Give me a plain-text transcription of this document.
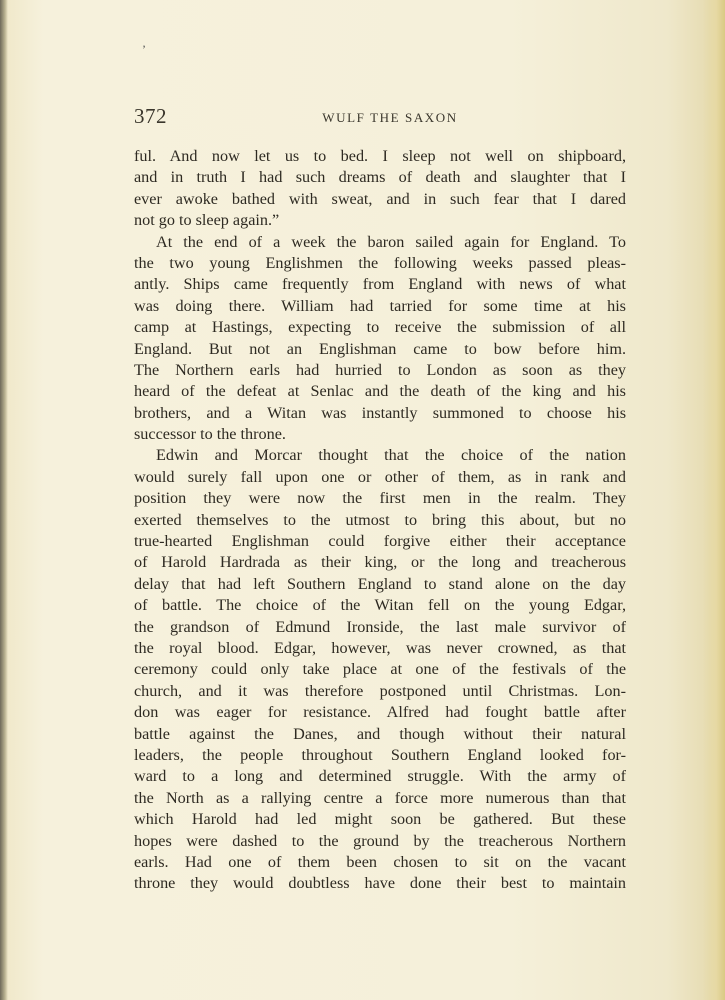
’
372	WULF THE SAXON
ful. And now let us to bed. I sleep not well on shipboard,
and in truth I had such dreams of death and slaughter that I
ever awoke bathed with sweat, and in such fear that I dared
not go to sleep again.”
At the end of a week the baron sailed again for England. To
the two young Englishmen the following weeks passed pleas-
antly. Ships came frequently from England with news of what
was doing there. William had tarried for some time at his
camp at Hastings, expecting to receive the submission of all
England. But not an Englishman came to bow before him.
The Northern earls had hurried to London as soon as they
heard of the defeat at Senlac and the death of the king and his
brothers, and a Witan was instantly summoned to choose his
successor to the throne.
Edwin and Morcar thought that the choice of the nation
would surely fall upon one or other of them, as in rank and
position they were now the first men in the realm. They
exerted themselves to the utmost to bring this about, but no
true-hearted Englishman could forgive either their acceptance
of Harold Hardrada as their king, or the long and treacherous
delay that had left Southern England to stand alone on the day
of battle. The choice of the Witan fell on the young Edgar,
the grandson of Edmund Ironside, the last male survivor of
the royal blood. Edgar, however, was never crowned, as that
ceremony could only take place at one of the festivals of the
church, and it was therefore postponed until Christmas. Lon-
don was eager for resistance. Alfred had fought battle after
battle against the Danes, and though without their natural
leaders, the people throughout Southern England looked for-
ward to a long and determined struggle. With the army of
the North as a rallying centre a force more numerous than that
which Harold had led might soon be gathered. But these
hopes were dashed to the ground by the treacherous Northern
earls. Had one of them been chosen to sit on the vacant
throne they would doubtless have done their best to maintain
